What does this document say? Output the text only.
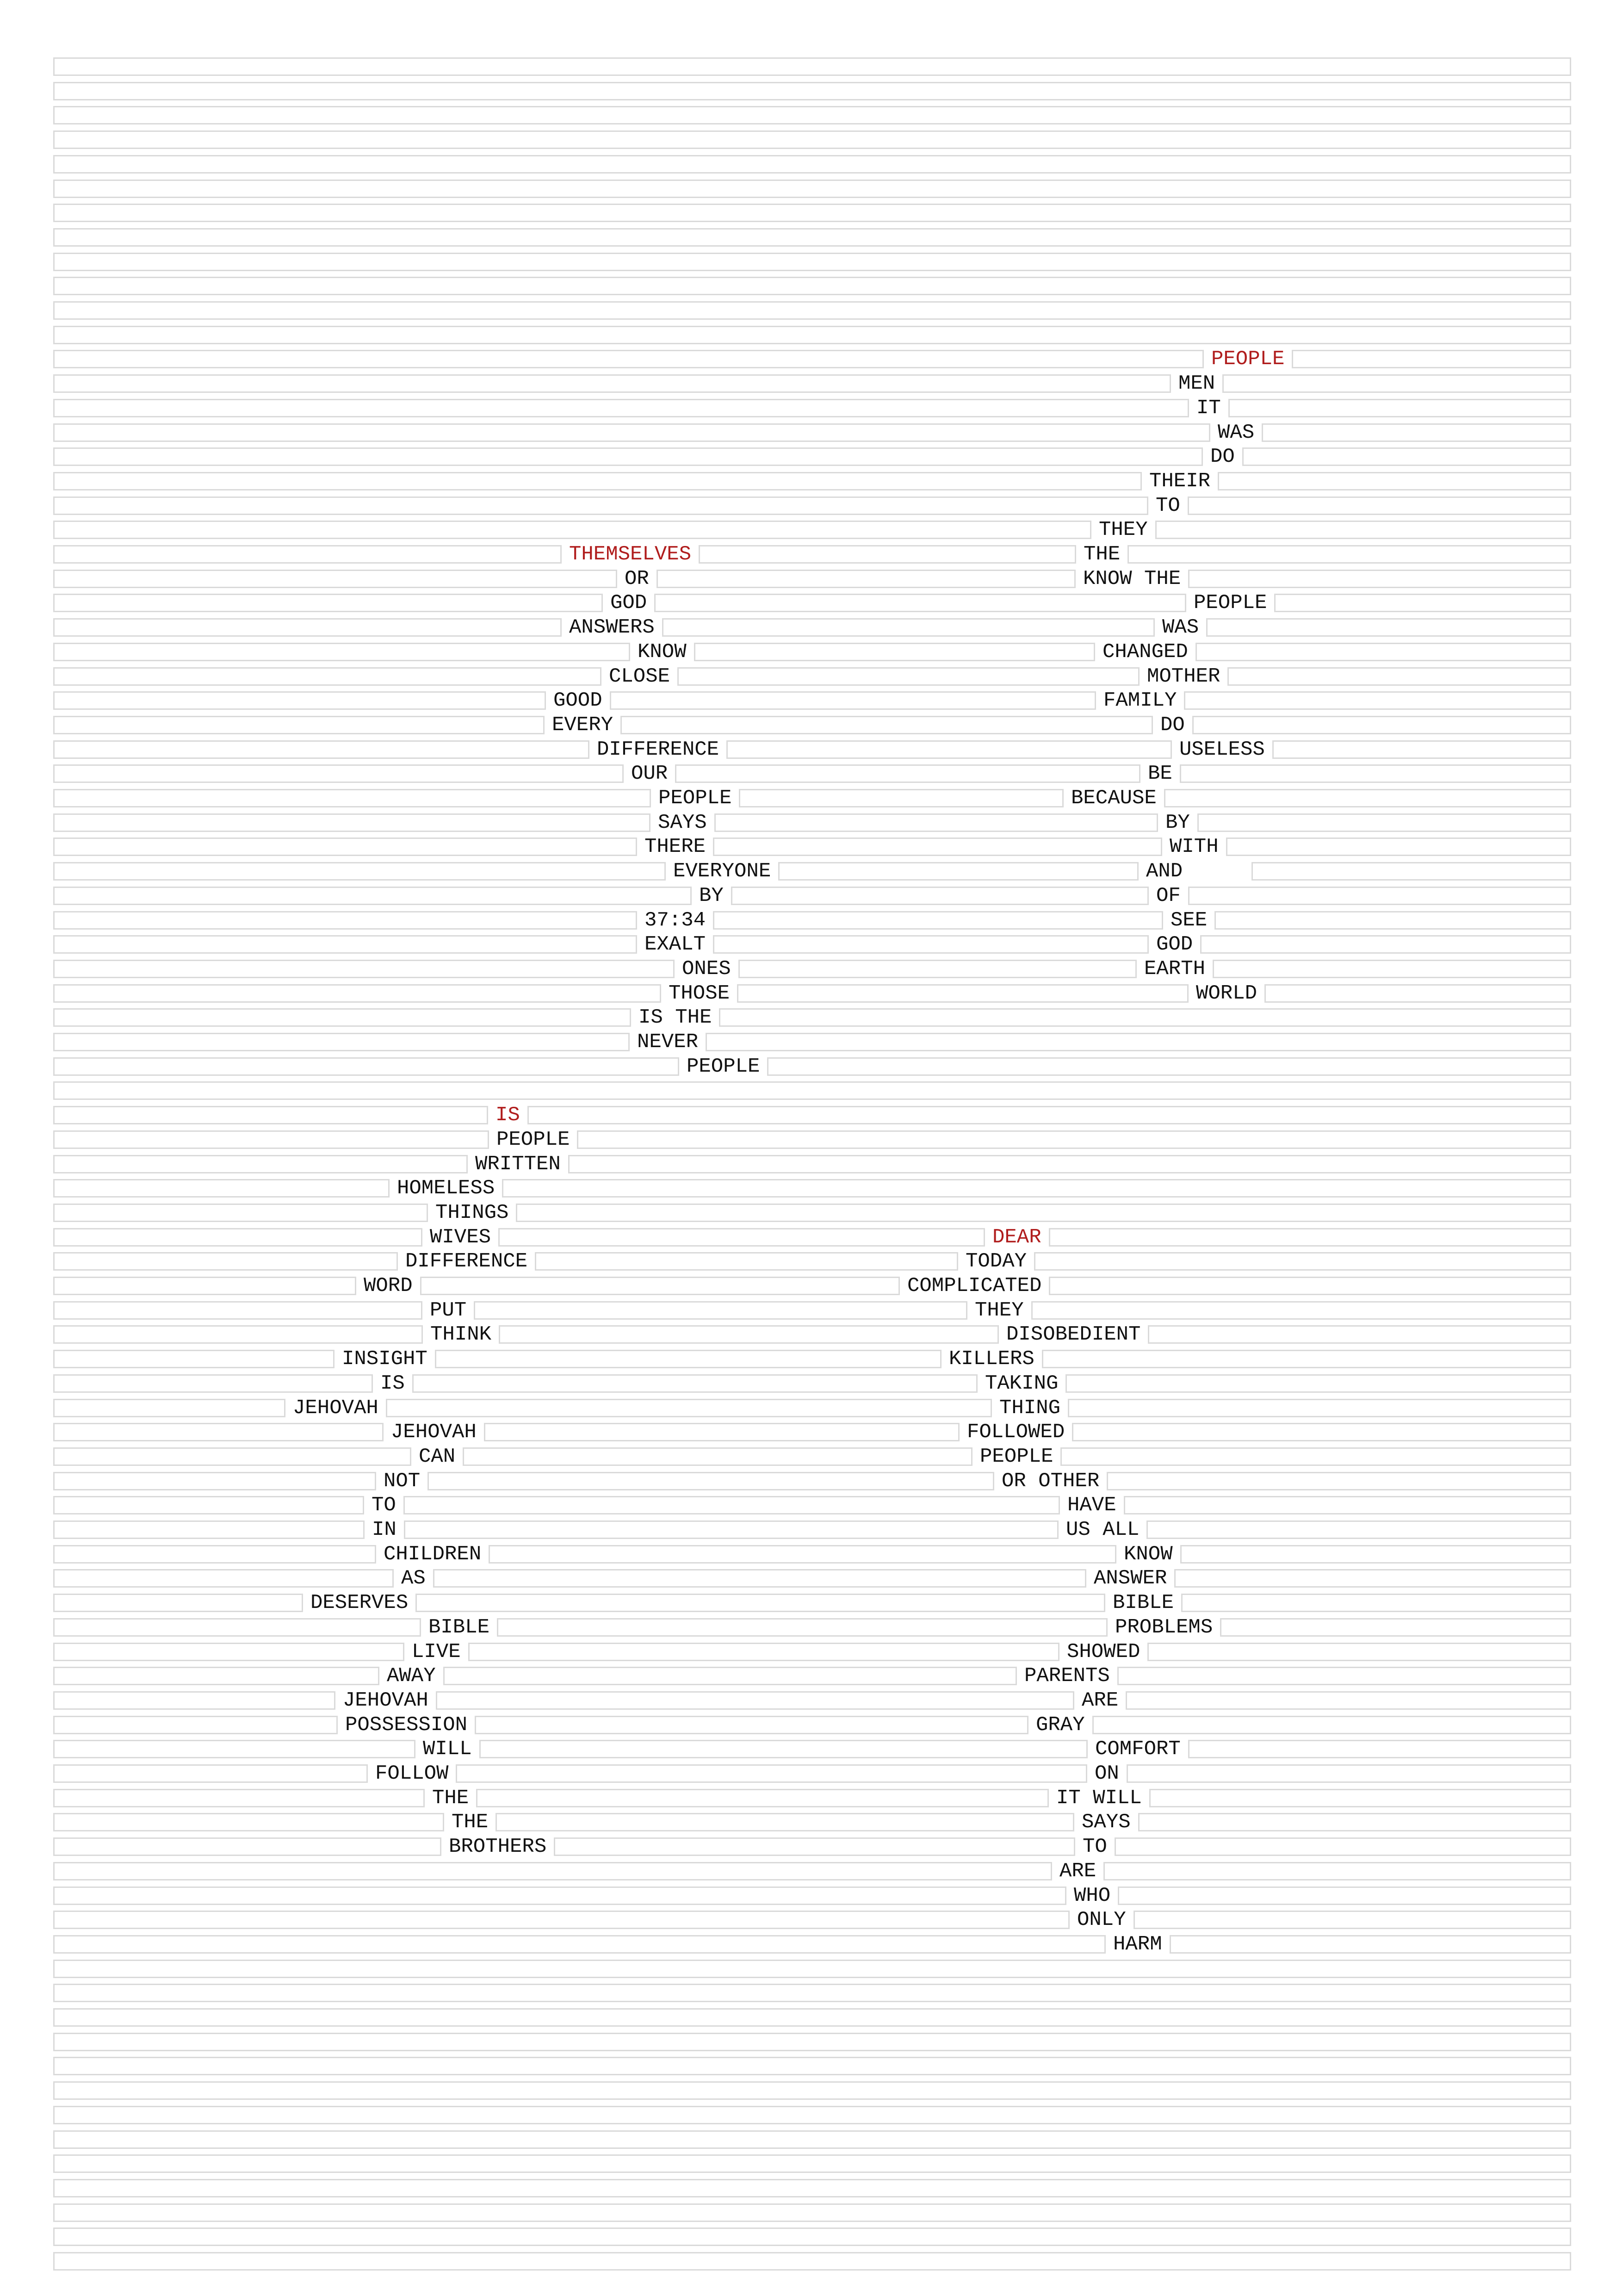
PEOPLE
MEN
IT
WAS
DO
THEIR
TO
THEY
THEMSELVES	THE
OR	KNOW THE
GOD	PEOPLE
ANSWERS	WAS
KNOW	CHANGED
CLOSE	MOTHER
GOOD	FAMILY
EVERY	DO
DIFFERENCE	USELESS
OUR	BE
PEOPLE	BECAUSE
SAYS	BY
THERE	WITH
EVERYONE	AND
BY	OF
37:34	SEE
EXALT	GOD
ONES	EARTH
THOSE	WORLD
IS THE
NEVER
PEOPLE
IS
PEOPLE
WRITTEN
HOMELESS
THINGS
WIVES	DEAR
DIFFERENCE	TODAY
WORD	COMPLICATED
PUT	THEY
THINK	DISOBEDIENT
INSIGHT	KILLERS
IS	TAKING
JEHOVAH	THING
JEHOVAH	FOLLOWED
CAN	PEOPLE
NOT	OR OTHER
TO	HAVE
IN	US ALL
CHILDREN	KNOW
AS	ANSWER
DESERVES	BIBLE
BIBLE	PROBLEMS
LIVE	SHOWED
AWAY	PARENTS
JEHOVAH	ARE
POSSESSION	GRAY
WILL	COMFORT
FOLLOW	ON
THE	IT WILL
THE	SAYS
BROTHERS	TO
ARE
WHO
ONLY
HARM
